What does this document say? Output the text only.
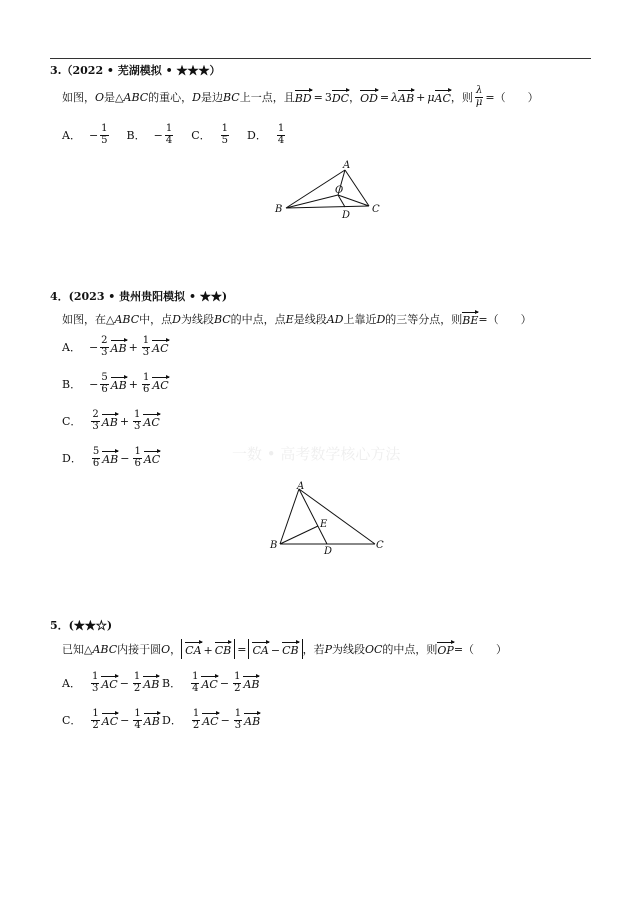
一数 • 高考数学核心方法
3.（2022 • 芜湖模拟 • ★★★）
如图， O 是 △ ABC 的重心， D 是边 BC 上一点，且 BD = 3 DC ， OD = λ AB + μ AC ，则 $\frac{\lambda}{\mu}$ =（　　）
A． − $\frac{1}{5}$ B． − $\frac{1}{4}$ C． $\frac{1}{5}$ D． $\frac{1}{4}$
A
B	C
D
O
4．(2023 • 贵州贵阳模拟 • ★★)
如图，在 △ ABC 中，点 D 为线段 BC 的中点，点 E 是线段 AD 上靠近 D 的三等分点，则 BE =（　　）
A． − $\frac{2}{3}$ AB + $\frac{1}{3}$ AC
B． − $\frac{5}{6}$ AB + $\frac{1}{6}$ AC
C． $\frac{2}{3}$ AB + $\frac{1}{3}$ AC
D． $\frac{5}{6}$ AB − $\frac{1}{6}$ AC
A
B	C
D
E
5．(★★☆)
已知 △ ABC 内接于圆 O ， CA + CB = CA − CB ，若 P 为线段 OC 的中点，则 OP =（　　）
A． $\frac{1}{3}$ AC − $\frac{1}{2}$ AB B． $\frac{1}{4}$ AC − $\frac{1}{2}$ AB
C． $\frac{1}{2}$ AC − $\frac{1}{4}$ AB D． $\frac{1}{2}$ AC − $\frac{1}{3}$ AB
